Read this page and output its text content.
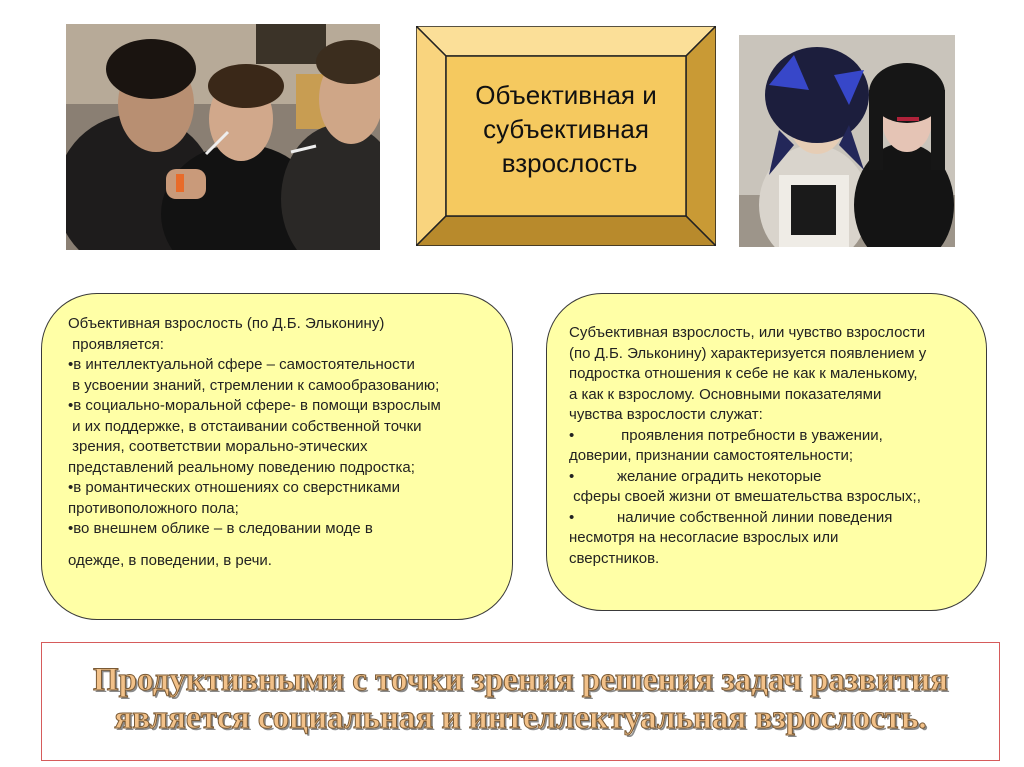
Объективная и
субъективная
взрослость
Объективная взрослость (по Д.Б. Эльконину)
проявляется:
•в интеллектуальной сфере – самостоятельности
в усвоении знаний, стремлении к самообразованию;
•в социально-моральной сфере- в помощи взрослым
и их поддержке, в отстаивании собственной точки
зрения, соответствии морально-этических
представлений реальному поведению подростка;
•в романтических отношениях со сверстниками
противоположного пола;
•во внешнем облике – в следовании моде в
одежде, в поведении, в речи.
Субъективная взрослость, или чувство взрослости
(по Д.Б. Эльконину) характеризуется появлением у
подростка отношения к себе не как к маленькому,
а как к взрослому. Основными показателями
чувства взрослости служат:
•	проявления потребности в уважении,
доверии, признании самостоятельности;
•	желание оградить некоторые
сферы своей жизни от вмешательства взрослых;,
•	наличие собственной линии поведения
несмотря на несогласие взрослых или
сверстников.
Продуктивными с точки зрения решения задач развития
является социальная и интеллектуальная взрослость.
